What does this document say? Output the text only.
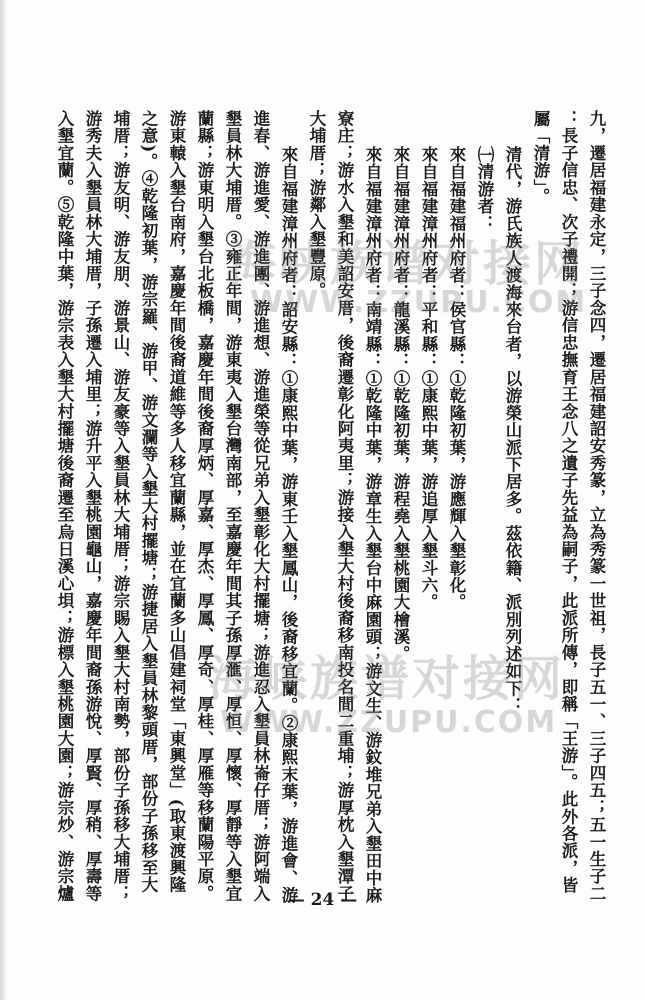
九，遷居福建永定，三子念四，遷居福建詔安秀篆，立為秀篆一世祖，長子五一、三子四五；五一生子二
：長子信忠、次子禮開；游信忠撫育王念八之遺子先益為嗣子，此派所傳，即稱「王游」。此外各派，皆
屬「清游」。
清代，游氏族人渡海來台者，以游榮山派下居多。茲依籍、派別列述如下：
㈠清游者：
來自福建福州府者：侯官縣：①乾隆初葉，游應輝入墾彰化。
來自福建漳州府者：平和縣：①康熙中葉，游追厚入墾斗六。
來自福建漳州府者：龍溪縣：①乾隆初葉，游程堯入墾桃園大檜溪。
來自福建漳州府者：南靖縣：①乾隆中葉，游章生入墾台中麻園頭；游文生、游鈫堆兄弟入墾田中麻
寮庄；游水入墾和美詔安厝，後裔遷彰化阿夷里；游接入墾大村後裔移南投名間二重埔；游厚枕入墾潭子
大埔厝；游鄰入墾豐原。
來自福建漳州府者：詔安縣：①康熙中葉，游東壬入墾鳳山，後裔移宜蘭。②康熙末葉，游進會、游
進春、游進愛、游進團、游進想、游進榮等從兄弟入墾彰化大村擺塘；游進忍入墾員林崙仔厝；游阿端入
墾員林大埔厝。③雍正年間，游東夷入墾台灣南部，至嘉慶年間其子孫厚滙、厚恒、厚懷、厚靜等入墾宜
蘭縣；游東明入墾台北板橋，嘉慶年間後裔厚炳、厚嘉、厚杰、厚鳳、厚奇、厚桂、厚雁等移蘭陽平原。
游東轅入墾台南府，嘉慶年間後裔道維等多人移宜蘭縣，並在宜蘭多山倡建祠堂「東興堂」(取東渡興隆
之意)。④乾隆初葉，游宗羅、游甲、游文瀾等入墾大村擺塘；游捷居入墾員林黎頭厝，部份子孫移至大
埔厝；游友明、游友朋、游景山、游友豪等入墾員林大埔厝；游宗賜入墾大村南勢，部份子孫移大埔厝；
游秀夫入墾員林大埔厝，子孫遷入埔里；游升平入墾桃園龜山，嘉慶年間裔孫游悅、厚賢、厚稍、厚壽等
入墾宜蘭。⑤乾隆中葉，游宗表入墾大村擺塘後裔遷至烏日溪心垻；游標入墾桃園大園；游宗炒、游宗爐	海峡族谱对接网
WWW.ZZUPU.COM
海峡族谱对接网
WWW.ZZUPU.COM
— 24 —
